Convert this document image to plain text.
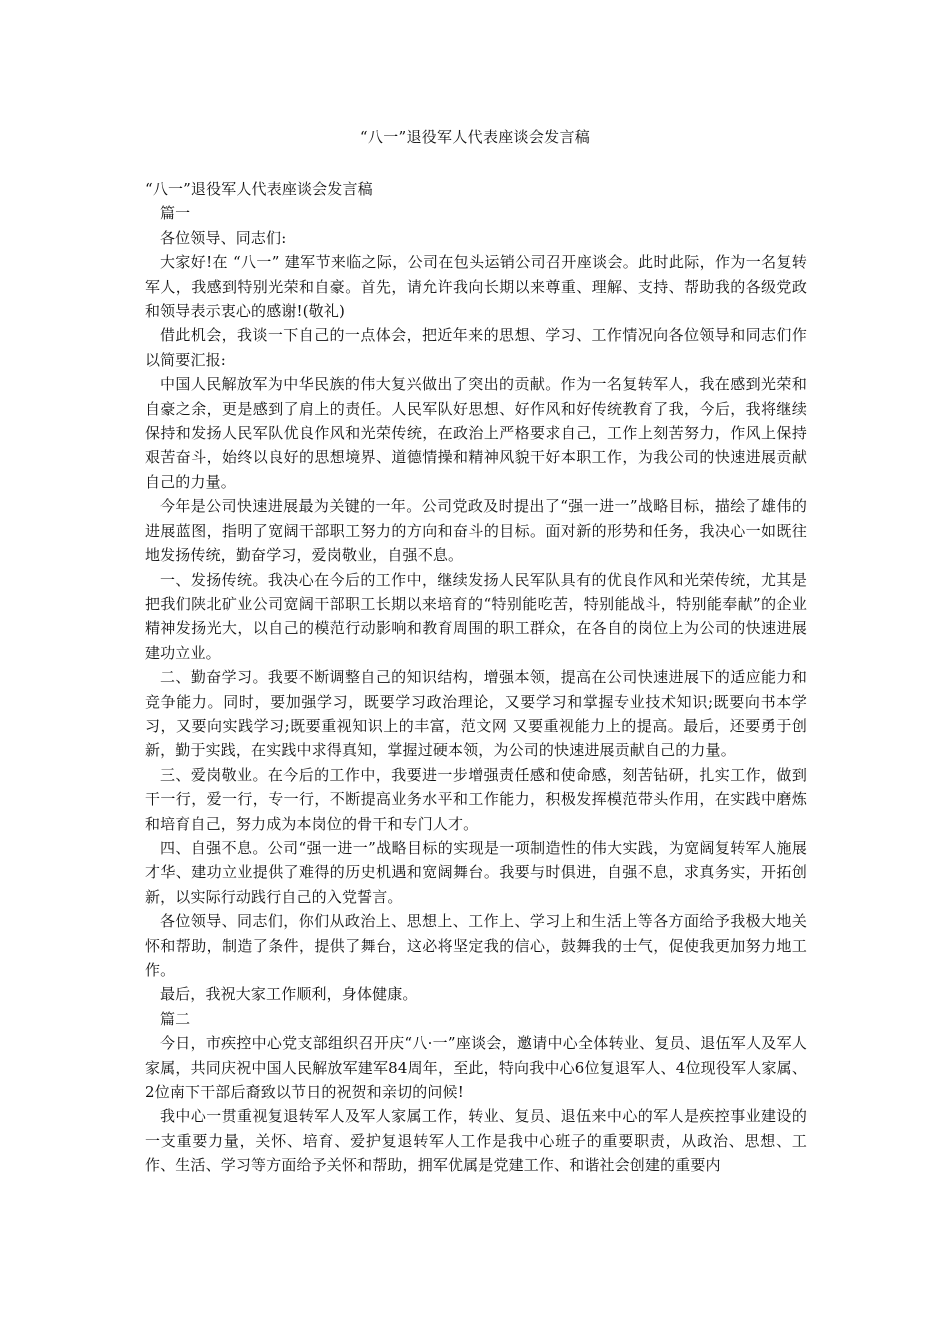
“八一”退役军人代表座谈会发言稿

“八一”退役军人代表座谈会发言稿

篇一

各位领导、同志们:

大家好!在 “八一” 建军节来临之际，公司在包头运销公司召开座谈会。此时此际，作为一名复转军人，我感到特别光荣和自豪。首先，请允许我向长期以来尊重、理解、支持、帮助我的各级党政和领导表示衷心的感谢!(敬礼)

借此机会，我谈一下自己的一点体会，把近年来的思想、学习、工作情况向各位领导和同志们作以简要汇报:

中国人民解放军为中华民族的伟大复兴做出了突出的贡献。作为一名复转军人，我在感到光荣和自豪之余，更是感到了肩上的责任。人民军队好思想、好作风和好传统教育了我，今后，我将继续保持和发扬人民军队优良作风和光荣传统，在政治上严格要求自己，工作上刻苦努力，作风上保持艰苦奋斗，始终以良好的思想境界、道德情操和精神风貌干好本职工作，为我公司的快速进展贡献自己的力量。

今年是公司快速进展最为关键的一年。公司党政及时提出了“强一进一”战略目标，描绘了雄伟的进展蓝图，指明了宽阔干部职工努力的方向和奋斗的目标。面对新的形势和任务，我决心一如既往地发扬传统，勤奋学习，爱岗敬业，自强不息。

一、发扬传统。我决心在今后的工作中，继续发扬人民军队具有的优良作风和光荣传统，尤其是把我们陕北矿业公司宽阔干部职工长期以来培育的“特别能吃苦，特别能战斗，特别能奉献”的企业精神发扬光大，以自己的模范行动影响和教育周围的职工群众，在各自的岗位上为公司的快速进展建功立业。

二、勤奋学习。我要不断调整自己的知识结构，增强本领，提高在公司快速进展下的适应能力和竞争能力。同时，要加强学习，既要学习政治理论，又要学习和掌握专业技术知识;既要向书本学习，又要向实践学习;既要重视知识上的丰富，范文网 又要重视能力上的提高。最后，还要勇于创新，勤于实践，在实践中求得真知，掌握过硬本领，为公司的快速进展贡献自己的力量。

三、爱岗敬业。在今后的工作中，我要进一步增强责任感和使命感，刻苦钻研，扎实工作，做到干一行，爱一行，专一行，不断提高业务水平和工作能力，积极发挥模范带头作用，在实践中磨炼和培育自己，努力成为本岗位的骨干和专门人才。

四、自强不息。公司“强一进一”战略目标的实现是一项制造性的伟大实践，为宽阔复转军人施展才华、建功立业提供了难得的历史机遇和宽阔舞台。我要与时俱进，自强不息，求真务实，开拓创新，以实际行动践行自己的入党誓言。

各位领导、同志们，你们从政治上、思想上、工作上、学习上和生活上等各方面给予我极大地关怀和帮助，制造了条件，提供了舞台，这必将坚定我的信心，鼓舞我的士气，促使我更加努力地工作。

最后，我祝大家工作顺利，身体健康。

篇二

今日，市疾控中心党支部组织召开庆“八·一”座谈会，邀请中心全体转业、复员、退伍军人及军人家属，共同庆祝中国人民解放军建军84周年，至此，特向我中心6位复退军人、4位现役军人家属、2位南下干部后裔致以节日的祝贺和亲切的问候!

我中心一贯重视复退转军人及军人家属工作，转业、复员、退伍来中心的军人是疾控事业建设的一支重要力量，关怀、培育、爱护复退转军人工作是我中心班子的重要职责，从政治、思想、工作、生活、学习等方面给予关怀和帮助，拥军优属是党建工作、和谐社会创建的重要内
